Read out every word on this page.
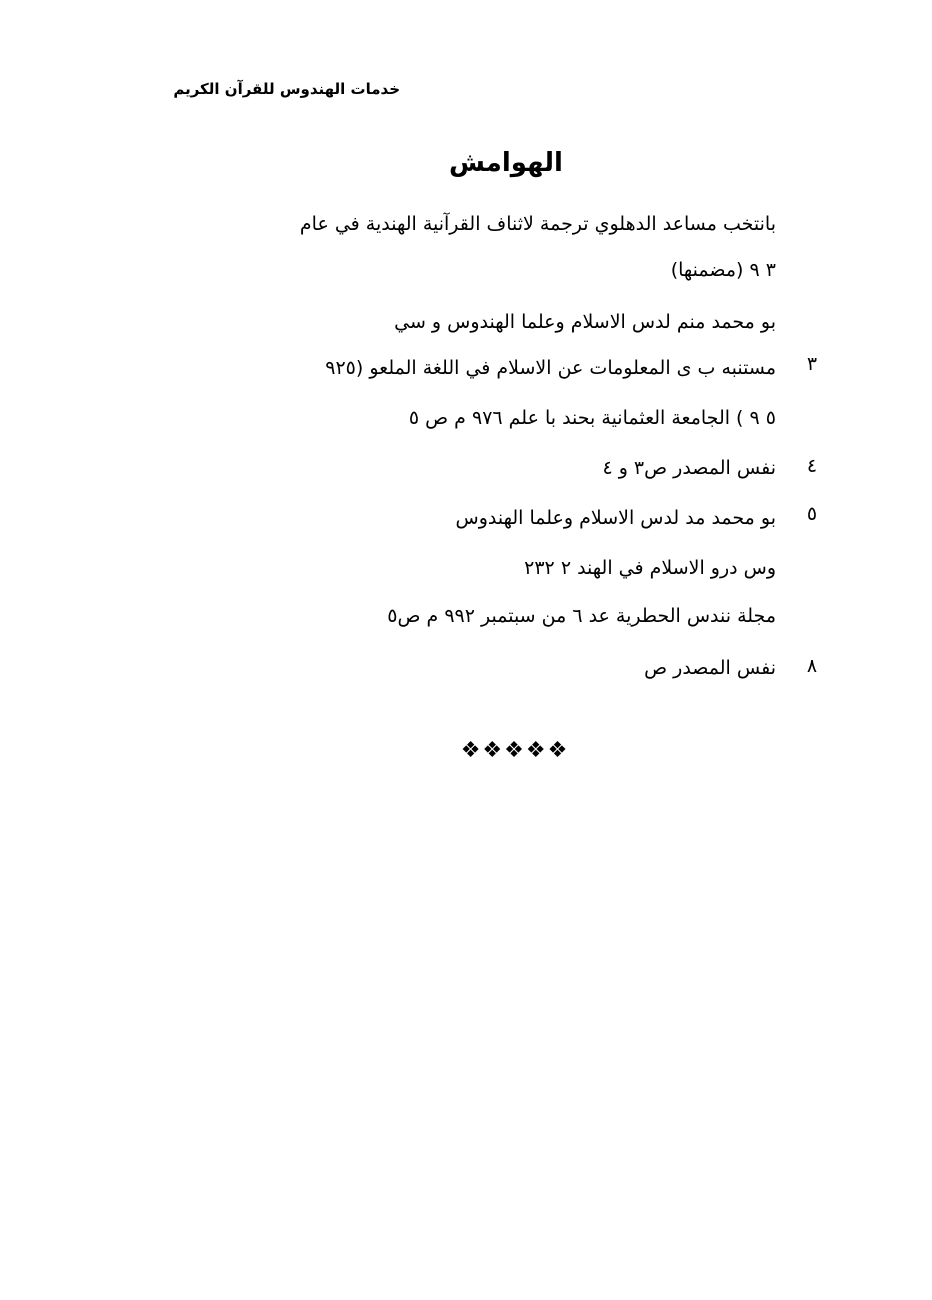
خدمات الهندوس للقرآن الكريم
الهوامش
بانتخب مساعد الدهلوي ترجمة لاثناف القرآنية الهندية في عام
٣ ٩ (مضمنها)
بو محمد منم لدس الاسلام وعلما الهندوس و سي
٣
مستنبه ب ى المعلومات عن الاسلام في اللغة الملعو (٩٢٥
٥ ٩ ) الجامعة العثمانية بحند با علم ٩٧٦ م ص ٥
٤
نفس المصدر ص٣ و ٤
٥
بو محمد مد لدس الاسلام وعلما الهندوس
وس درو الاسلام في الهند ٢ ٢٣٢
مجلة نندس الحطرية عد ٦ من سبتمبر ٩٩٢ م ص٥
٨
نفس المصدر ص
❖❖❖❖❖
